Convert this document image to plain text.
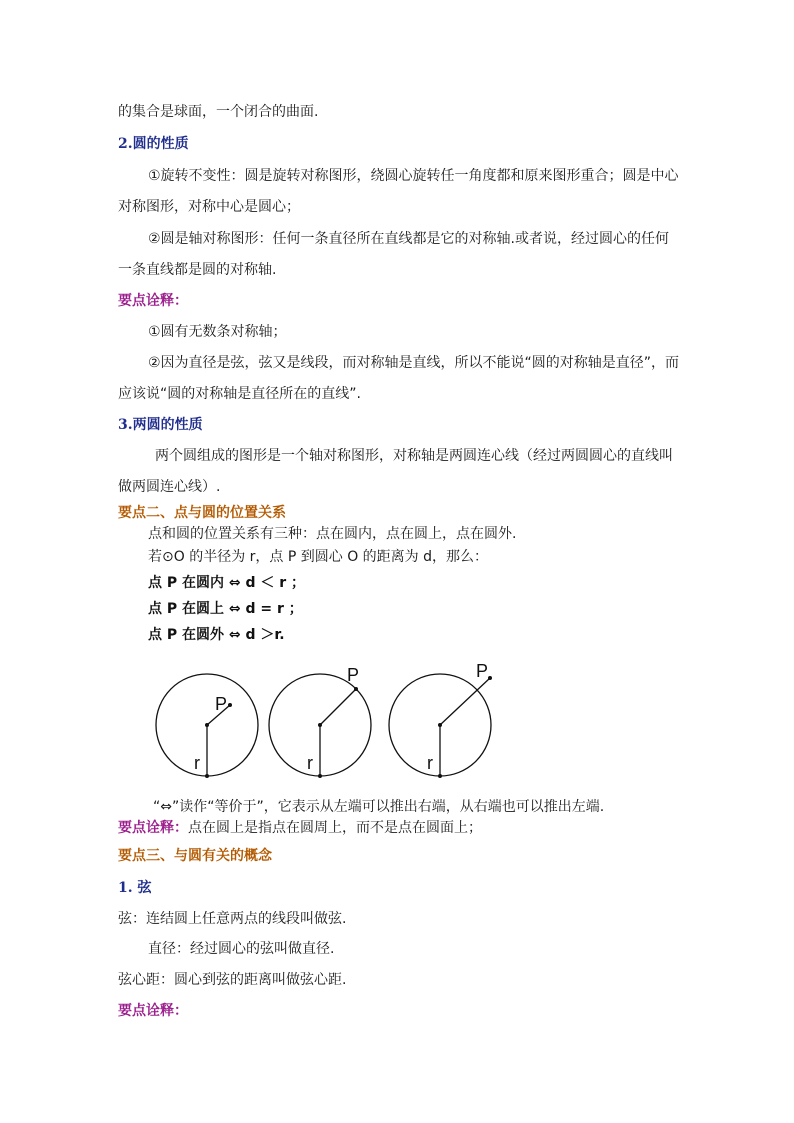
的集合是球面，一个闭合的曲面.
2.圆的性质
①旋转不变性：圆是旋转对称图形，绕圆心旋转任一角度都和原来图形重合；圆是中心
对称图形，对称中心是圆心；
②圆是轴对称图形：任何一条直径所在直线都是它的对称轴.或者说，经过圆心的任何
一条直线都是圆的对称轴.
要点诠释：
①圆有无数条对称轴；
②因为直径是弦，弦又是线段，而对称轴是直线，所以不能说“圆的对称轴是直径”，而
应该说“圆的对称轴是直径所在的直线”.
3.两圆的性质
两个圆组成的图形是一个轴对称图形，对称轴是两圆连心线（经过两圆圆心的直线叫
做两圆连心线）.
要点二、点与圆的位置关系
点和圆的位置关系有三种：点在圆内，点在圆上，点在圆外.
若⊙O 的半径为 r，点 P 到圆心 O 的距离为 d，那么：
点 P 在圆内 ⇔ d ＜ r ；
点 P 在圆上 ⇔ d = r ；
点 P 在圆外 ⇔ d ＞r.
P
r
P
r
P
r
“⇔”读作“等价于”，它表示从左端可以推出右端，从右端也可以推出左端.
要点诠释：点在圆上是指点在圆周上，而不是点在圆面上；
要点三、与圆有关的概念
1. 弦
弦：连结圆上任意两点的线段叫做弦.
直径：经过圆心的弦叫做直径.
弦心距：圆心到弦的距离叫做弦心距.
要点诠释：
